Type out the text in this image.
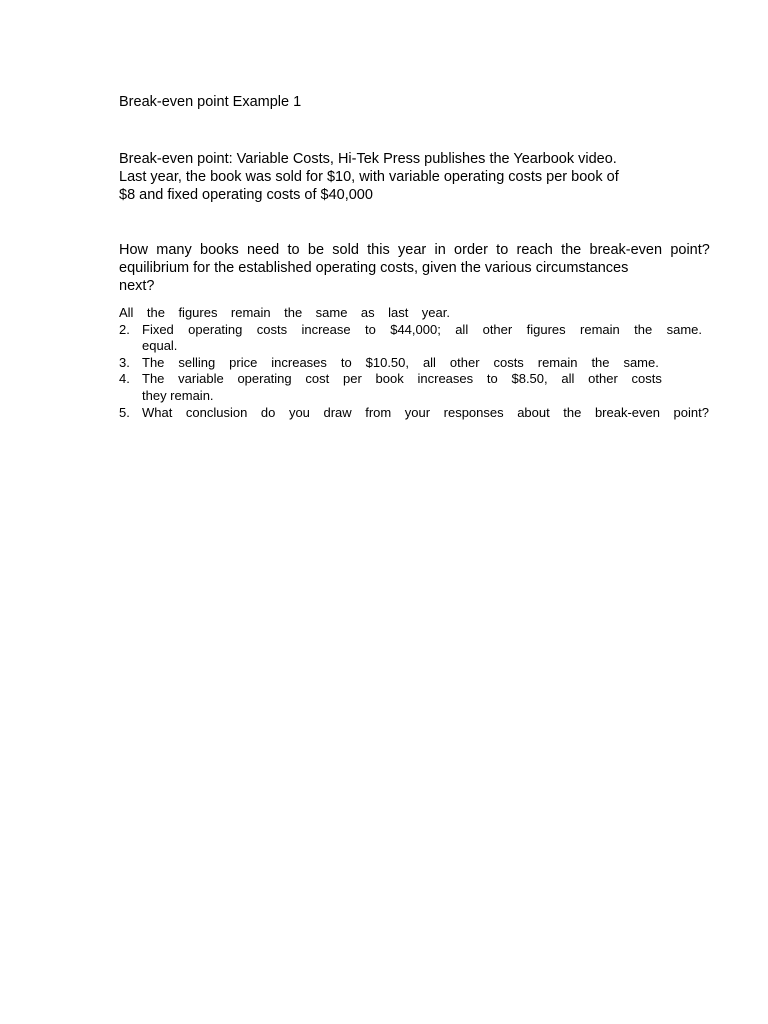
Break-even point Example 1
Break-even point: Variable Costs, Hi-Tek Press publishes the Yearbook video.
Last year, the book was sold for $10, with variable operating costs per book of
$8 and fixed operating costs of $40,000
How many books need to be sold this year in order to reach the break-even point?
equilibrium for the established operating costs, given the various circumstances
next?
All the figures remain the same as last year.
2. Fixed operating costs increase to $44,000; all other figures remain the same.
equal.
3. The selling price increases to $10.50, all other costs remain the same.
4. The variable operating cost per book increases to $8.50, all other costs
they remain.
5. What conclusion do you draw from your responses about the break-even point?
